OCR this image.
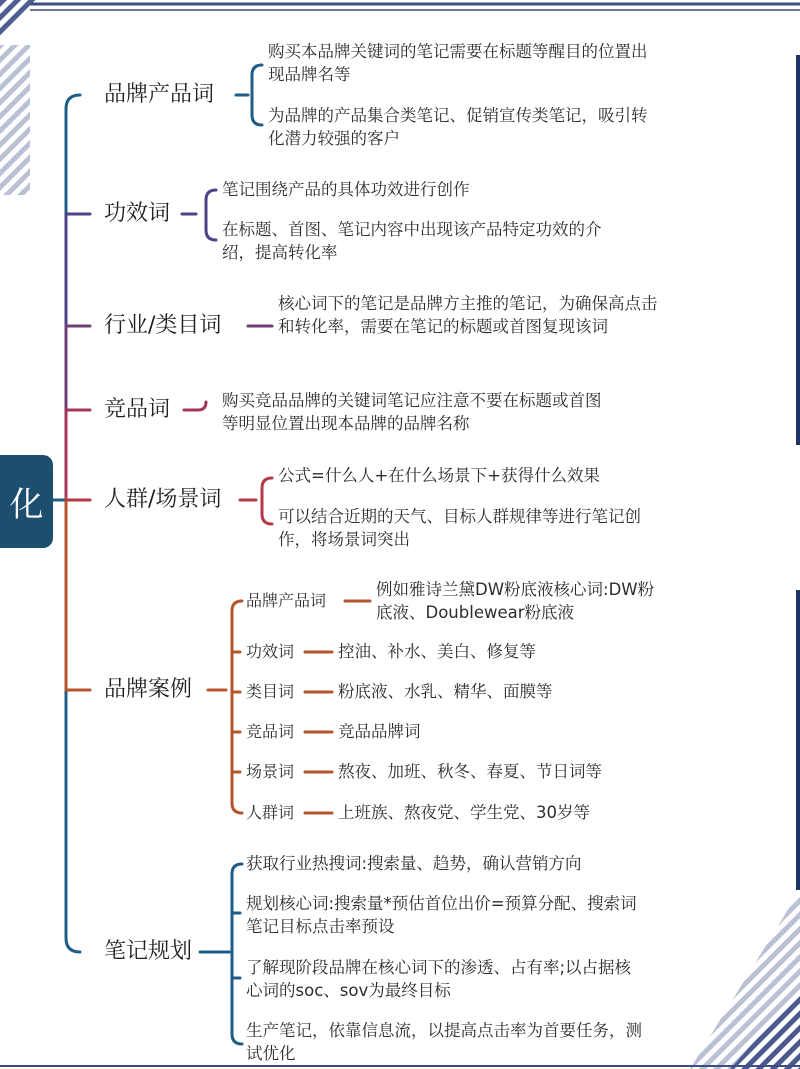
化
品牌产品词
购买本品牌关键词的笔记需要在标题等醒目的位置出现品牌名等
为品牌的产品集合类笔记、促销宣传类笔记，吸引转化潜力较强的客户
功效词
笔记围绕产品的具体功效进行创作
在标题、首图、笔记内容中出现该产品特定功效的介绍，提高转化率
行业/类目词
核心词下的笔记是品牌方主推的笔记，为确保高点击和转化率，需要在笔记的标题或首图复现该词
竞品词	购买竞品品牌的关键词笔记应注意不要在标题或首图等明显位置出现本品牌的品牌名称
人群/场景词
公式=什么人+在什么场景下+获得什么效果
可以结合近期的天气、目标人群规律等进行笔记创作，将场景词突出
品牌案例
品牌产品词
例如雅诗兰黛DW粉底液核心词:DW粉底液、Doublewear粉底液
功效词	控油、补水、美白、修复等
类目词	粉底液、水乳、精华、面膜等
竞品词	竞品品牌词
场景词	熬夜、加班、秋冬、春夏、节日词等
人群词	上班族、熬夜党、学生党、30岁等
笔记规划
获取行业热搜词:搜索量、趋势，确认营销方向
规划核心词:搜索量*预估首位出价=预算分配、搜索词笔记目标点击率预设
了解现阶段品牌在核心词下的渗透、占有率;以占据核心词的soc、sov为最终目标
生产笔记，依靠信息流，以提高点击率为首要任务，测试优化
